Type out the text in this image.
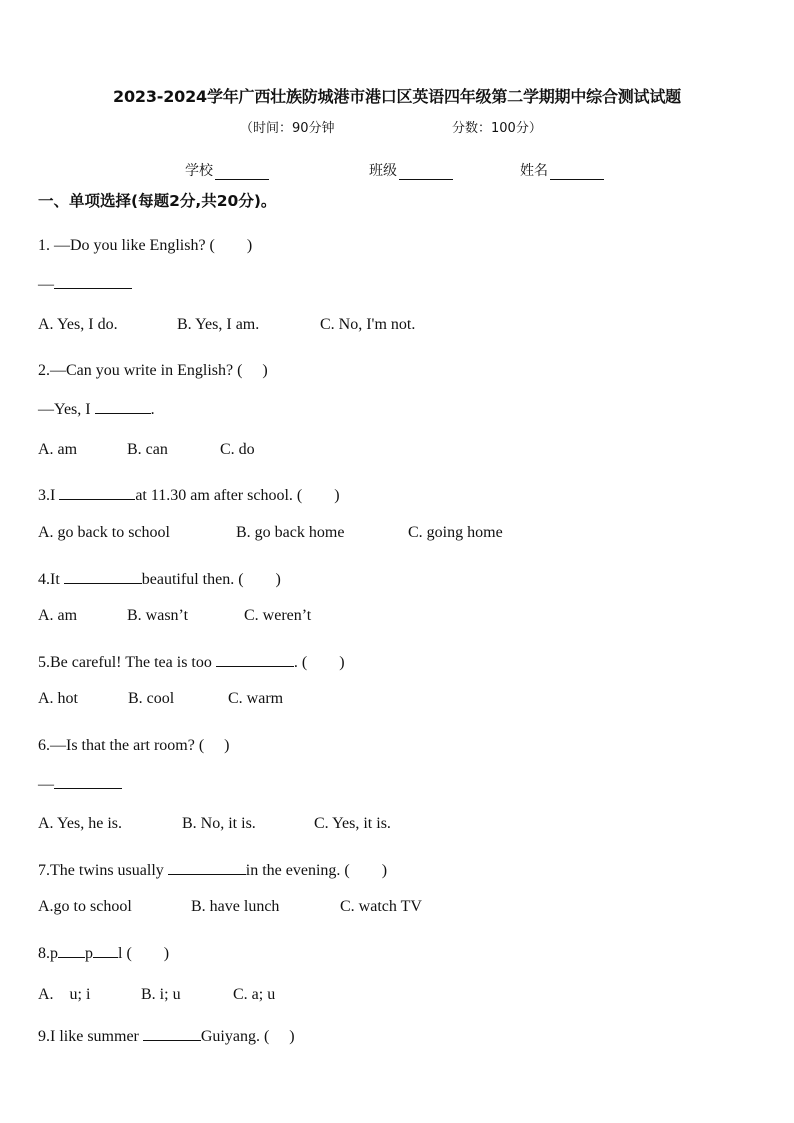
2023-2024学年广西壮族防城港市港口区英语四年级第二学期期中综合测试试题
（时间：90分钟	分数：100分）
学校	班级	姓名
一、单项选择(每题2分,共20分)。
1. —Do you like English? (　　)
—
A. Yes, I do.	B. Yes, I am.	C. No, I'm not.
2.—Can you write in English? (　 )
—Yes, I	.
A. am	B. can	C. do
3.I	at 11.30 am after school. (　　)
A. go back to school	B. go back home	C. going home
4.It	beautiful then. (　　)
A. am	B. wasn’t	C. weren’t
5.Be careful! The tea is too	. (　　)
A. hot	B. cool	C. warm
6.—Is that the art room? (　 )
—
A. Yes, he is.	B. No, it is.	C. Yes, it is.
7.The twins usually	in the evening. (　　)
A.go to school	B. have lunch	C. watch TV
8.p p l (　　)
A.　u; i	B. i; u	C. a; u
9.I like summer	Guiyang. (　 )
